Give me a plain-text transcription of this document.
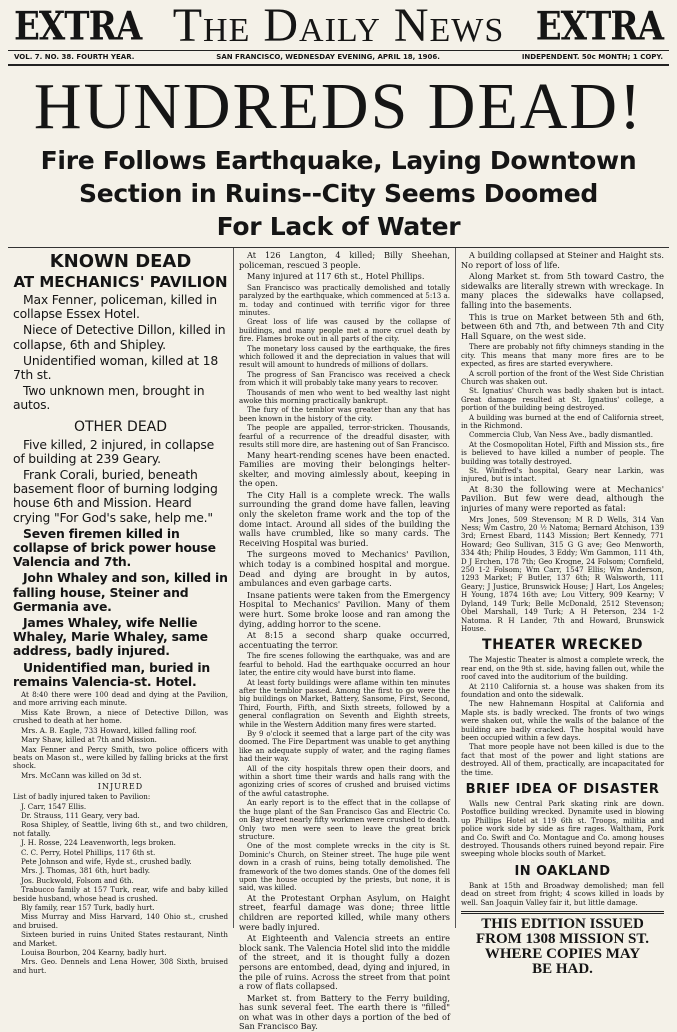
EXTRA The Daily News EXTRA
VOL. 7. NO. 38. FOURTH YEAR.	SAN FRANCISCO, WEDNESDAY EVENING, APRIL 18, 1906.	INDEPENDENT. 50c MONTH; 1 COPY.
HUNDREDS DEAD!
Fire Follows Earthquake, Laying Downtown
Section in Ruins--City Seems Doomed
For Lack of Water
KNOWN DEAD
AT MECHANICS' PAVILION

Max Fenner, policeman, killed in collapse Essex Hotel.

Niece of Detective Dillon, killed in collapse, 6th and Shipley.

Unidentified woman, killed at 18 7th st.

Two unknown men, brought in autos.

OTHER DEAD

Five killed, 2 injured, in collapse of building at 239 Geary.

Frank Corali, buried, beneath basement floor of burning lodging house 6th and Mission. Heard crying "For God's sake, help me."

Seven firemen killed in collapse of brick power house Valencia and 7th.

John Whaley and son, killed in falling house, Steiner and Germania ave.

James Whaley, wife Nellie Whaley, Marie Whaley, same address, badly injured.

Unidentified man, buried in remains Valencia-st. Hotel.

At 8:40 there were 100 dead and dying at the Pavilion, and more arriving each minute.

Miss Kate Brown, a niece of Detective Dillon, was crushed to death at her home.

Mrs. A. B. Eagle, 733 Howard, killed falling roof.

Mary Shaw, killed at 7th and Mission.

Max Fenner and Percy Smith, two police officers with beats on Mason st., were killed by falling bricks at the first shock.

Mrs. McCann was killed on 3d st.

INJURED

List of badly injured taken to Pavilion:

J. Carr, 1547 Ellis.

Dr. Strauss, 111 Geary, very bad.

Rosa Shipley, of Seattle, living 6th st., and two children, not fatally.

J. H. Rosse, 224 Leavenworth, legs broken.

C. C. Perry, Hotel Phillips, 117 6th st.

Pete Johnson and wife, Hyde st., crushed badly.

Mrs. J. Thomas, 381 6th, hurt badly.

Jos. Buckwold, Folsom and 6th.

Trabucco family at 157 Turk, rear, wife and baby killed beside husband, whose head is crushed.

Bly family, rear 157 Turk, badly hurt.

Miss Murray and Miss Harvard, 140 Ohio st., crushed and bruised.

Sixteen buried in ruins United States restaurant, Ninth and Market.

Louisa Bourbon, 204 Kearny, badly hurt.

Mrs. Geo. Dennels and Lena Hower, 308 Sixth, bruised and hurt.

At 126 Langton, 4 killed; Billy Sheehan, policeman, rescued 3 people.

Many injured at 117 6th st., Hotel Phillips.

San Francisco was practically demolished and totally paralyzed by the earthquake, which commenced at 5:13 a. m. today and continued with terrific vigor for three minutes.

Great loss of life was caused by the collapse of buildings, and many people met a more cruel death by fire. Flames broke out in all parts of the city.

The monetary loss caused by the earthquake, the fires which followed it and the depreciation in values that will result will amount to hundreds of millions of dollars.

The progress of San Francisco was received a check from which it will probably take many years to recover.

Thousands of men who went to bed wealthy last night awoke this morning practically bankrupt.

The fury of the temblor was greater than any that has been known in the history of the city.

The people are appalled, terror-stricken. Thousands, fearful of a recurrence of the dreadful disaster, with results still more dire, are hastening out of San Francisco.

Many heart-rending scenes have been enacted. Families are moving their belongings helter-skelter, and moving aimlessly about, keeping in the open.

The City Hall is a complete wreck. The walls surrounding the grand dome have fallen, leaving only the skeleton frame work and the top of the dome intact. Around all sides of the building the walls have crumbled, like so many cards. The Receiving Hospital was buried.

The surgeons moved to Mechanics' Pavilion, which today is a combined hospital and morgue. Dead and dying are brought in by autos, ambulances and even garbage carts.

Insane patients were taken from the Emergency Hospital to Mechanics' Pavilion. Many of them were hurt. Some broke loose and ran among the dying, adding horror to the scene.

At 8:15 a second sharp quake occurred, accentuating the terror.

The fire scenes following the earthquake, was and are fearful to behold. Had the earthquake occurred an hour later, the entire city would have burst into flame.

At least forty buildings were aflame within ten minutes after the temblor passed. Among the first to go were the big buildings on Market, Battery, Sansome, First, Second, Third, Fourth, Fifth, and Sixth streets, followed by a general conflagration on Seventh and Eighth streets, while in the Western Addition many fires were started.

By 9 o'clock it seemed that a large part of the city was doomed. The Fire Department was unable to get anything like an adequate supply of water, and the raging flames had their way.

All of the city hospitals threw open their doors, and within a short time their wards and halls rang with the agonizing cries of scores of crushed and bruised victims of the awful catastrophe.

An early report is to the effect that in the collapse of the huge plant of the San Francisco Gas and Electric Co. on Bay street nearly fifty workmen were crushed to death. Only two men were seen to leave the great brick structure.

One of the most complete wrecks in the city is St. Dominic's Church, on Steiner street. The huge pile went down in a crash of ruins, being totally demolished. The framework of the two domes stands. One of the domes fell upon the house occupied by the priests, but none, it is said, was killed.

At the Protestant Orphan Asylum, on Haight street, fearful damage was done; three little children are reported killed, while many others were badly injured.

At Eighteenth and Valencia streets an entire block sank. The Valencia Hotel slid into the middle of the street, and it is thought fully a dozen persons are entombed, dead, dying and injured, in the pile of ruins. Across the street from that point a row of flats collapsed.

Market st. from Battery to the Ferry building, has sunk several feet. The earth there is "filled" on what was in other days a portion of the bed of San Francisco Bay.

A building collapsed at Steiner and Haight sts. No report of loss of life.

Along Market st. from 5th toward Castro, the sidewalks are literally strewn with wreckage. In many places the sidewalks have collapsed, falling into the basements.

This is true on Market between 5th and 6th, between 6th and 7th, and between 7th and City Hall Square, on the west side.

There are probably not fifty chimneys standing in the city. This means that many more fires are to be expected, as fires are started everywhere.

A scroll portion of the front of the West Side Christian Church was shaken out.

St. Ignatius' Church was badly shaken but is intact. Great damage resulted at St. Ignatius' college, a portion of the building being destroyed.

A building was burned at the end of California street, in the Richmond.

Commercia Club, Van Ness Ave., badly dismantled.

At the Cosmopolitan Hotel, Fifth and Mission sts., fire is believed to have killed a number of people. The building was totally destroyed.

St. Winifred's hospital, Geary near Larkin, was injured, but is intact.

At 8:30 the following were at Mechanics' Pavilion. But few were dead, although the injuries of many were reported as fatal:

Mrs Jones, 509 Stevenson; M R D Wells, 314 Van Ness; Wm Castro, 20 ½ Natoma; Bernard Atchison, 139 3rd; Ernest Ebard, 1143 Mission; Bert Kennedy, 771 Howard; Geo Sullivan, 315 G G ave; Geo Menworth, 334 4th; Philip Houdes, 3 Eddy; Wm Gammon, 111 4th, D J Erchen, 178 7th; Geo Krogne, 24 Folsom; Cornfield, 250 1-2 Folsom; Wm Carr, 1547 Ellis; Wm Anderson, 1293 Market; F Butler, 137 6th; R Walsworth, 111 Geary; J Justice, Brunswick House; J Hart, Los Angeles; H Young, 1874 16th ave; Lou Vittery, 909 Kearny; V Dyland, 149 Turk; Belle McDonald, 2512 Stevenson; Obel Marshall, 149 Turk; A H Peterson, 234 1-2 Natoma. R H Lander, 7th and Howard, Brunswick House.

THEATER WRECKED

The Majestic Theater is almost a complete wreck, the rear end, on the 9th st. side, having fallen out, while the roof caved into the auditorium of the building.

At 2110 California st. a house was shaken from its foundation and onto the sidewalk.

The new Hahnemann Hospital at California and Maple sts. is badly wrecked. The fronts of two wings were shaken out, while the walls of the balance of the building are badly cracked. The hospital would have been occupied within a few days.

That more people have not been killed is due to the fact that most of the power and light stations are destroyed. All of them, practically, are incapacitated for the time.

BRIEF IDEA OF DISASTER

Walls new Central Park skating rink are down. Postoffice building wrecked. Dynamite used in blowing up Phillips Hotel at 119 6th st. Troops, militia and police work side by side as fire rages. Waltham, Pork and Co. Swift and Co. Montague and Co. among houses destroyed. Thousands others ruined beyond repair. Fire sweeping whole blocks south of Market.

IN OAKLAND

Bank at 15th and Broadway demolished; man fell dead on street from fright; 4 scows killed in loads by well. San Joaquin Valley fair it, but little damage.

THIS EDITION ISSUED
FROM 1308 MISSION ST.
WHERE COPIES MAY
BE HAD.
